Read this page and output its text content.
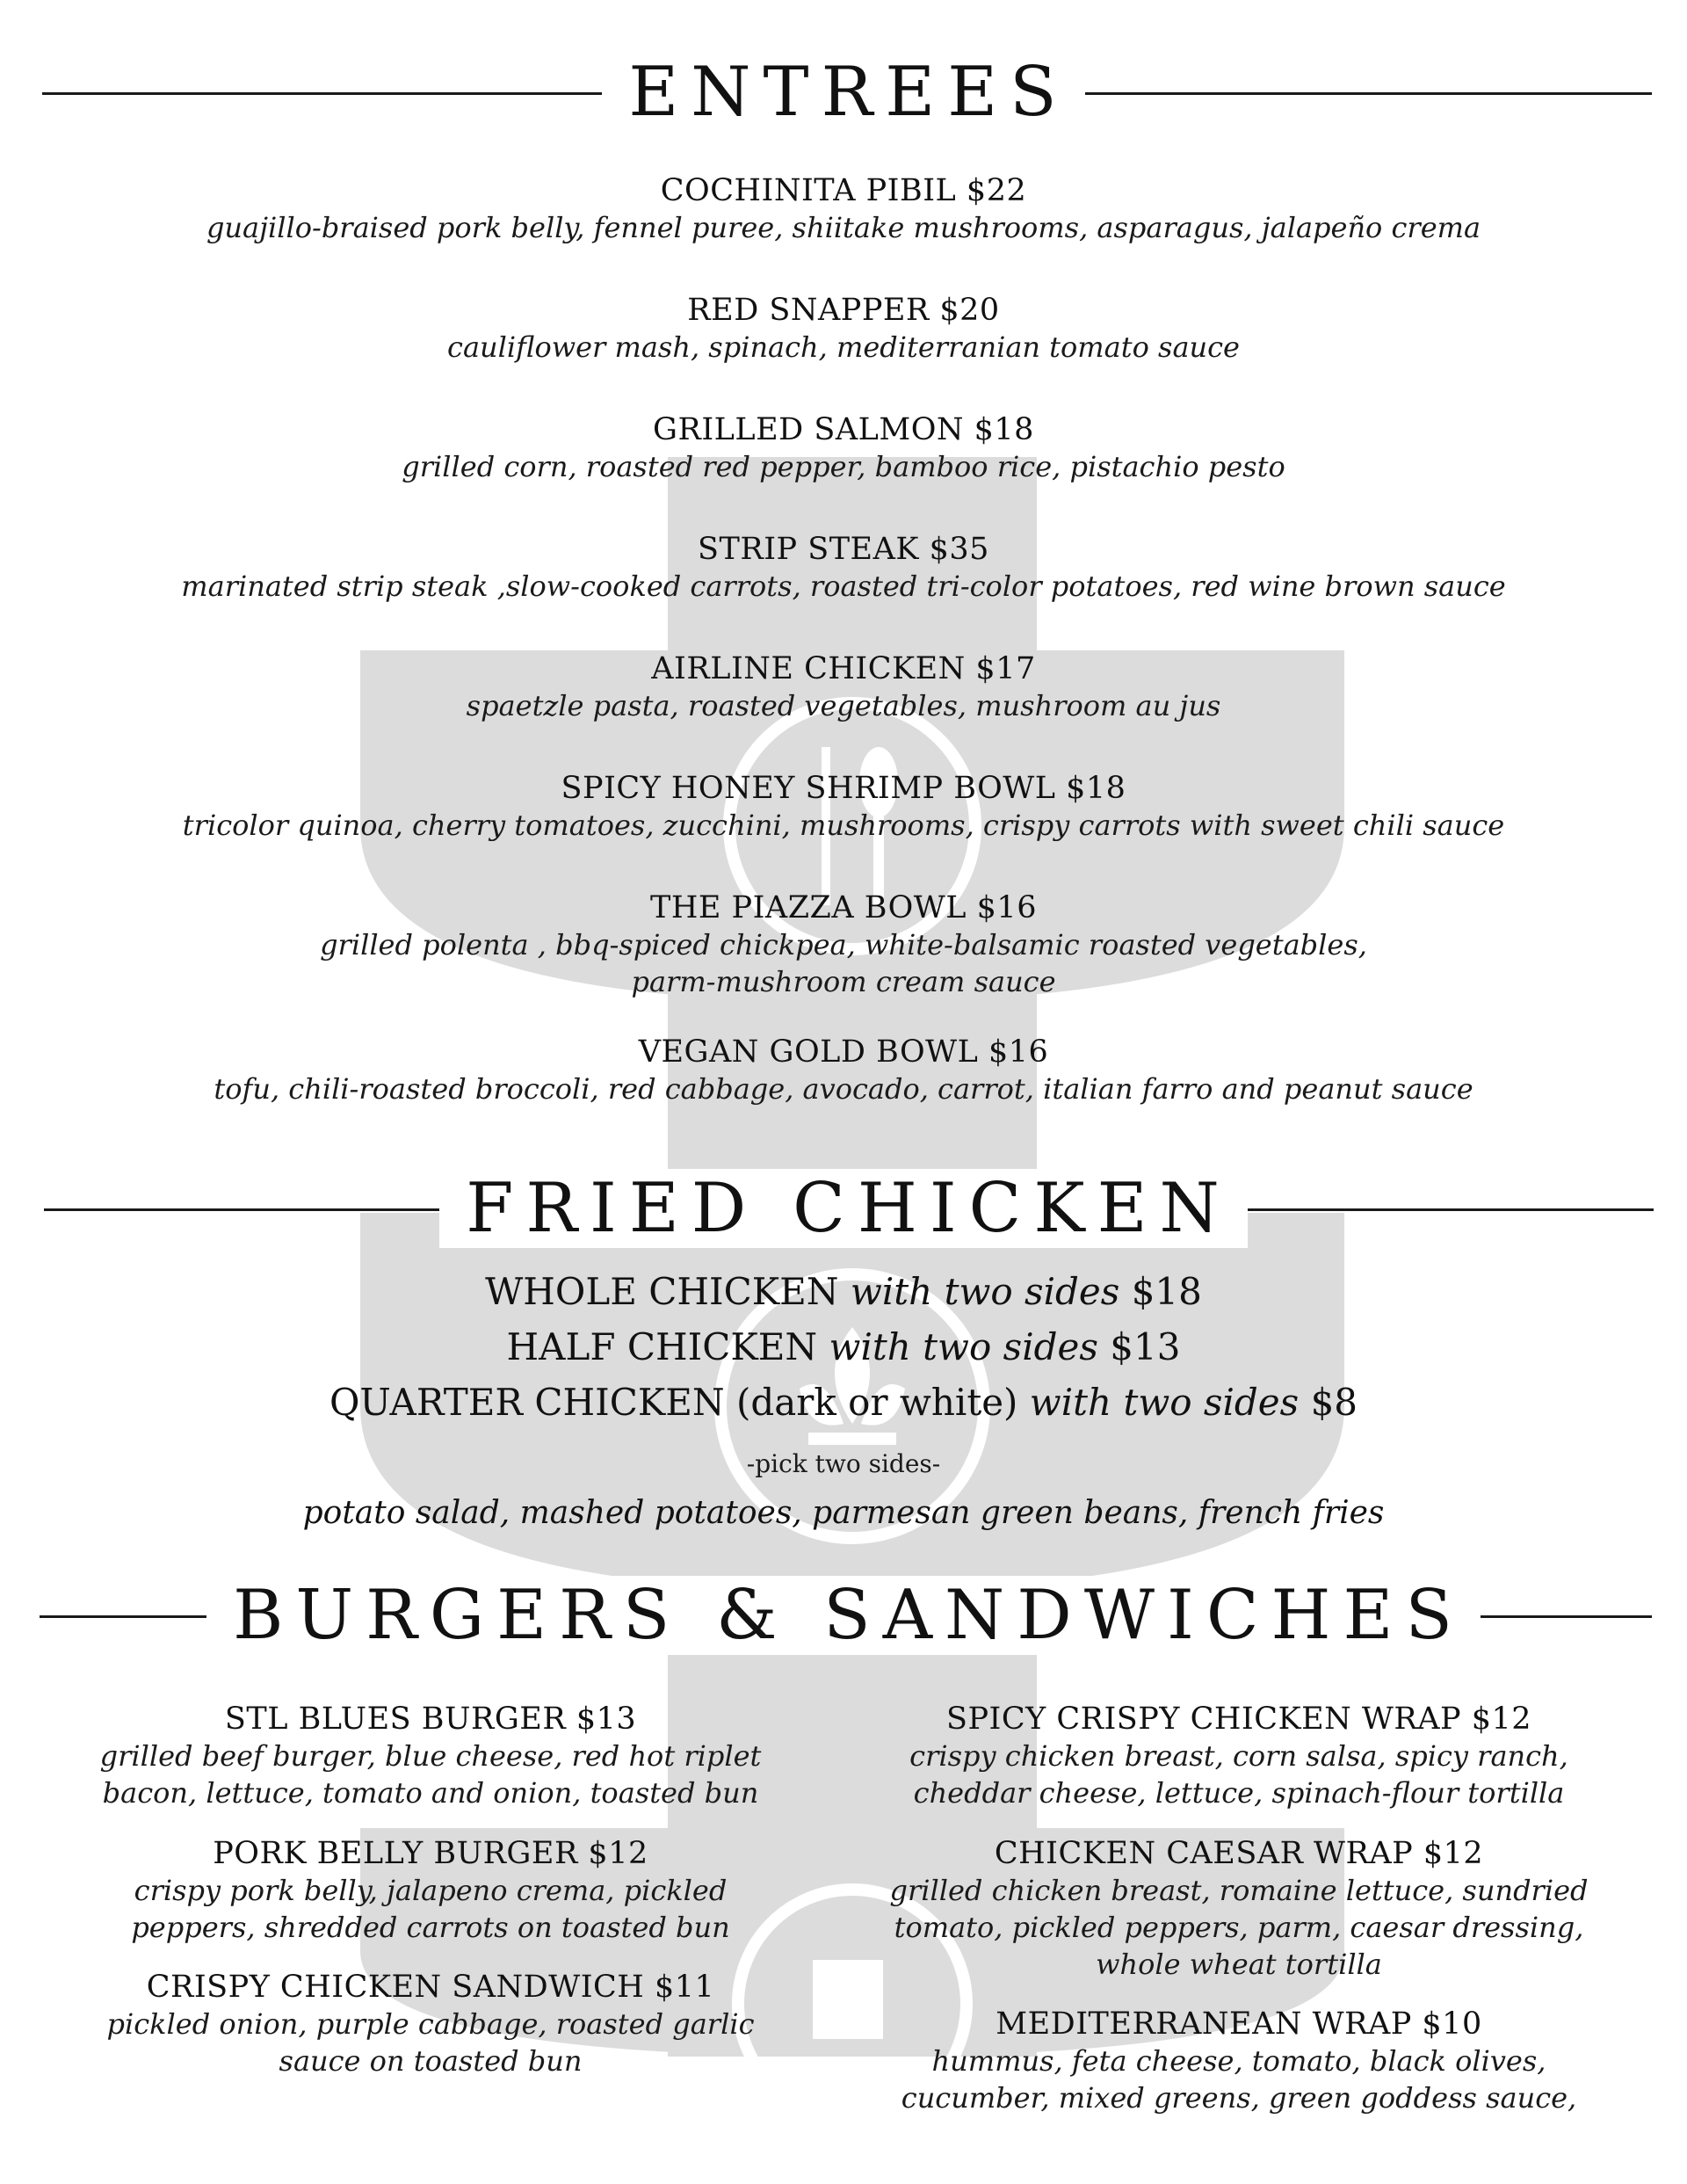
ENTREES
COCHINITA PIBIL $22
guajillo-braised pork belly, fennel puree, shiitake mushrooms, asparagus, jalapeño crema
RED SNAPPER $20
cauliflower mash, spinach, mediterranian tomato sauce
GRILLED SALMON $18
grilled corn, roasted red pepper, bamboo rice, pistachio pesto
STRIP STEAK $35
marinated strip steak ,slow-cooked carrots, roasted tri-color potatoes, red wine brown sauce
AIRLINE CHICKEN $17
spaetzle pasta, roasted vegetables, mushroom au jus
SPICY HONEY SHRIMP BOWL $18
tricolor quinoa, cherry tomatoes, zucchini, mushrooms, crispy carrots with sweet chili sauce
THE PIAZZA BOWL $16
grilled polenta , bbq-spiced chickpea, white-balsamic roasted vegetables,
parm-mushroom cream sauce
VEGAN GOLD BOWL $16
tofu, chili-roasted broccoli, red cabbage, avocado, carrot, italian farro and peanut sauce
FRIED CHICKEN
WHOLE CHICKEN with two sides $18
HALF CHICKEN with two sides $13
QUARTER CHICKEN (dark or white) with two sides $8
-pick two sides-
potato salad, mashed potatoes, parmesan green beans, french fries
BURGERS & SANDWICHES
STL BLUES BURGER $13
grilled beef burger, blue cheese, red hot riplet
bacon, lettuce, tomato and onion, toasted bun
PORK BELLY BURGER $12
crispy pork belly, jalapeno crema, pickled
peppers, shredded carrots on toasted bun
CRISPY CHICKEN SANDWICH $11
pickled onion, purple cabbage, roasted garlic
sauce on toasted bun
SPICY CRISPY CHICKEN WRAP $12
crispy chicken breast, corn salsa, spicy ranch,
cheddar cheese, lettuce, spinach-flour tortilla
CHICKEN CAESAR WRAP $12
grilled chicken breast, romaine lettuce, sundried
tomato, pickled peppers, parm, caesar dressing,
whole wheat tortilla
MEDITERRANEAN WRAP $10
hummus, feta cheese, tomato, black olives,
cucumber, mixed greens, green goddess sauce,
